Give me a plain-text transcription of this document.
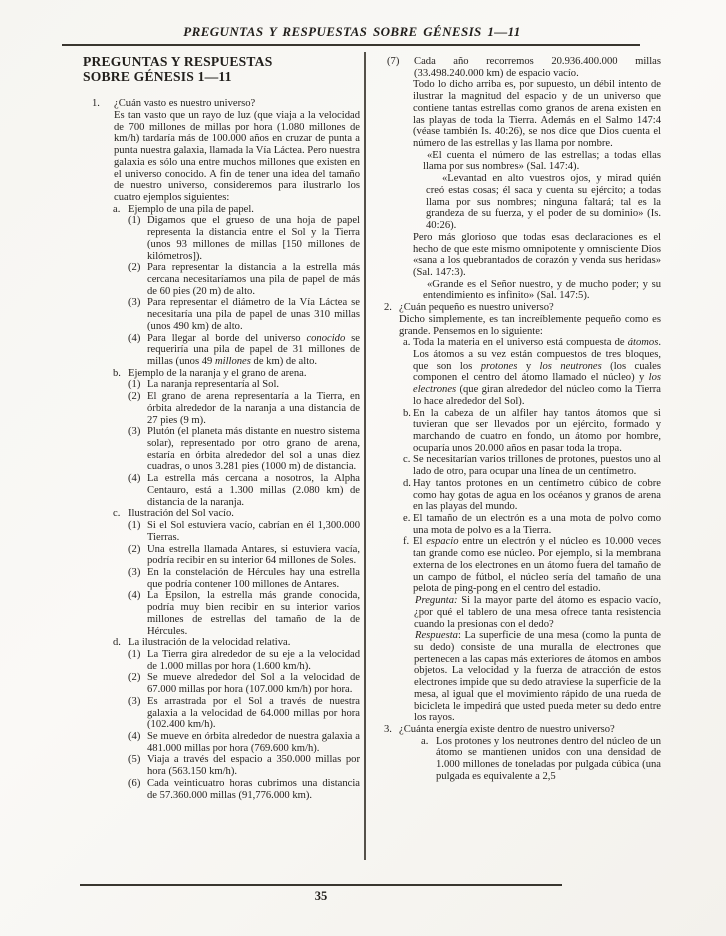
PREGUNTAS Y RESPUESTAS SOBRE GÉNESIS 1—11
PREGUNTAS Y RESPUESTAS
SOBRE GÉNESIS 1—11
1. ¿Cuán vasto es nuestro universo?
Es tan vasto que un rayo de luz (que viaja a la velocidad de 700 millones de millas por hora (1.080 millones de km/h) tardaría más de 100.000 años en cruzar de punta a punta nuestra galaxia, llamada la Vía Láctea. Pero nuestra galaxia es sólo una entre muchos millones que existen en el universo conocido. A fin de tener una idea del tamaño de nuestro universo, consideremos para ilustrarlo los cuatro ejemplos siguientes:
a. Ejemplo de una pila de papel.
(1) Digamos que el grueso de una hoja de papel representa la distancia entre el Sol y la Tierra (unos 93 millones de millas [150 millones de kilómetros]).
(2) Para representar la distancia a la estrella más cercana necesitaríamos una pila de papel de más de 60 pies (20 m) de alto.
(3) Para representar el diámetro de la Vía Láctea se necesitaría una pila de papel de unas 310 millas (unos 490 km) de alto.
(4) Para llegar al borde del universo conocido se requeriría una pila de papel de 31 millones de millas (unos 49 millones de km) de alto.
b. Ejemplo de la naranja y el grano de arena.
(1) La naranja representaría al Sol.
(2) El grano de arena representaría a la Tierra, en órbita alrededor de la naranja a una distancia de 27 pies (9 m).
(3) Plutón (el planeta más distante en nuestro sistema solar), representado por otro grano de arena, estaría en órbita alrededor del sol a unas diez cuadras, o unos 3.281 pies (1000 m) de distancia.
(4) La estrella más cercana a nosotros, la Alpha Centauro, está a 1.300 millas (2.080 km) de distancia de la naranja.
c. Ilustración del Sol vacío.
(1) Si el Sol estuviera vacío, cabrían en él 1,300.000 Tierras.
(2) Una estrella llamada Antares, si estuviera vacía, podría recibir en su interior 64 millones de Soles.
(3) En la constelación de Hércules hay una estrella que podría contener 100 millones de Antares.
(4) La Epsilon, la estrella más grande conocida, podría muy bien recibir en su interior varios millones de estrellas del tamaño de la de Hércules.
d. La ilustración de la velocidad relativa.
(1) La Tierra gira alrededor de su eje a la velocidad de 1.000 millas por hora (1.600 km/h).
(2) Se mueve alrededor del Sol a la velocidad de 67.000 millas por hora (107.000 km/h) por hora.
(3) Es arrastrada por el Sol a través de nuestra galaxia a la velocidad de 64.000 millas por hora (102.400 km/h).
(4) Se mueve en órbita alrededor de nuestra galaxia a 481.000 millas por hora (769.600 km/h).
(5) Viaja a través del espacio a 350.000 millas por hora (563.150 km/h).
(6) Cada veinticuatro horas cubrimos una distancia de 57.360.000 millas (91,776.000 km).
(7) Cada año recorremos 20.936.400.000 millas (33.498.240.000 km) de espacio vacío.
Todo lo dicho arriba es, por supuesto, un débil intento de ilustrar la magnitud del espacio y de un universo que contiene tantas estrellas como granos de arena existen en las playas de toda la Tierra. Además en el Salmo 147:4 (véase también Is. 40:26), se nos dice que Dios cuenta el número de las estrellas y las llama por nombre.
«El cuenta el número de las estrellas; a todas ellas llama por sus nombres» (Sal. 147:4).
«Levantad en alto vuestros ojos, y mirad quién creó estas cosas; él saca y cuenta su ejército; a todas llama por sus nombres; ninguna faltará; tal es la grandeza de su fuerza, y el poder de su dominio» (Is. 40:26).
Pero más glorioso que todas esas declaraciones es el hecho de que este mismo omnipotente y omnisciente Dios «sana a los quebrantados de corazón y venda sus heridas» (Sal. 147:3).
«Grande es el Señor nuestro, y de mucho poder; y su entendimiento es infinito» (Sal. 147:5).
2. ¿Cuán pequeño es nuestro universo?
Dicho simplemente, es tan increíblemente pequeño como es grande. Pensemos en lo siguiente:
a. Toda la materia en el universo está compuesta de átomos. Los átomos a su vez están compuestos de tres bloques, que son los protones y los neutrones (los cuales componen el centro del átomo llamado el núcleo) y los electrones (que giran alrededor del núcleo como la Tierra lo hace alrededor del Sol).
b. En la cabeza de un alfiler hay tantos átomos que si tuvieran que ser llevados por un ejército, formado y marchando de cuatro en fondo, un átomo por hombre, ocuparía unos 20.000 años en pasar toda la tropa.
c. Se necesitarían varios trillones de protones, puestos uno al lado de otro, para ocupar una línea de un centímetro.
d. Hay tantos protones en un centímetro cúbico de cobre como hay gotas de agua en los océanos y granos de arena en las playas del mundo.
e. El tamaño de un electrón es a una mota de polvo como una mota de polvo es a la Tierra.
f. El espacio entre un electrón y el núcleo es 10.000 veces tan grande como ese núcleo. Por ejemplo, si la membrana externa de los electrones en un átomo fuera del tamaño de un campo de fútbol, el núcleo sería del tamaño de una pelota de ping-pong en el centro del estadio.
Pregunta: Si la mayor parte del átomo es espacio vacío, ¿por qué el tablero de una mesa ofrece tanta resistencia cuando la presionas con el dedo?
Respuesta: La superficie de una mesa (como la punta de su dedo) consiste de una muralla de electrones que pertenecen a las capas más exteriores de átomos en ambos objetos. La velocidad y la fuerza de atracción de estos electrones impide que su dedo atraviese la superficie de la mesa, al igual que el movimiento rápido de una rueda de bicicleta le impedirá que usted pueda meter su dedo entre los rayos.
3. ¿Cuánta energía existe dentro de nuestro universo?
a. Los protones y los neutrones dentro del núcleo de un átomo se mantienen unidos con una densidad de 1.000 millones de toneladas por pulgada cúbica (una pulgada es equivalente a 2,5
35
